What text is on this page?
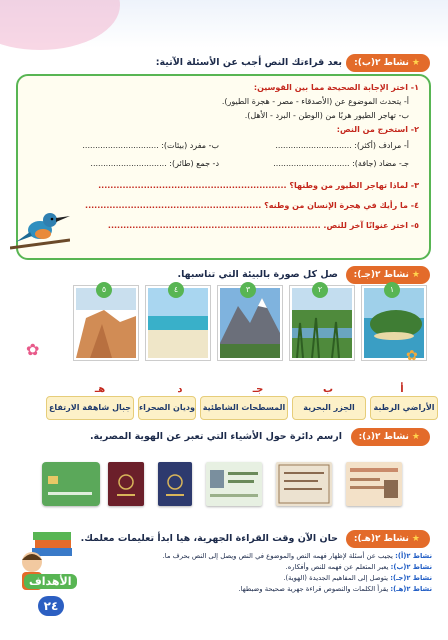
★نشاط ٢(ب):
بعد قراءتك النص أجب عن الأسئلة الآتية:
١- اختر الإجابة الصحيحة مما بين القوسين:
أ- يتحدث الموضوع عن (الأصدقاء - مصر - هجرة الطيور).
ب- تهاجر الطيور هربًا من (الوطن - البرد - الأهل).
٢- استخرج من النص:
أ- مرادف (أكثر): ..............................
ب- مفرد (بيئات): ..............................
جـ- مضاد (جافة): ..............................
د- جمع (طائر): ..............................
٣- لماذا تهاجر الطيور من وطنها؟ ..............................................................
٤- ما رأيك في هجرة الإنسان من وطنه؟ ..........................................................
٥- اختر عنوانًا آخر للنص. ......................................................................
★نشاط ٢(جـ):
صل كل صورة بالبيئة التي تناسبها.
١
٢
٣
٤
٥
✿	✿
أ
ب
جـ
د
هـ
الأراضي الرطبة
الجزر البحرية
المسطحات الشاطئية
وديان الصحراء
جبال شاهقة الارتفاع
★نشاط ٢(د):
ارسم دائرة حول الأشياء التي تعبر عن الهوية المصرية.
★نشاط ٢(هـ):
حان الآن وقت القراءة الجهرية، هيا ابدأ تعليمات معلمك.
نشاط ٢(أ): يجيب عن أسئلة لإظهار فهمه النص والموضوع في النص ويصل إلى النص بحرف ما.
نشاط ٢(ب): يعبر المتعلم عن فهمه للنص وأفكاره.
نشاط ٢(جـ): يتوصل إلى المفاهيم الجديدة (الهوية).
نشاط ٢(هـ): يقرأ الكلمات والنصوص قراءة جهرية صحيحة وضبطها.
الأهداف
٢٤
